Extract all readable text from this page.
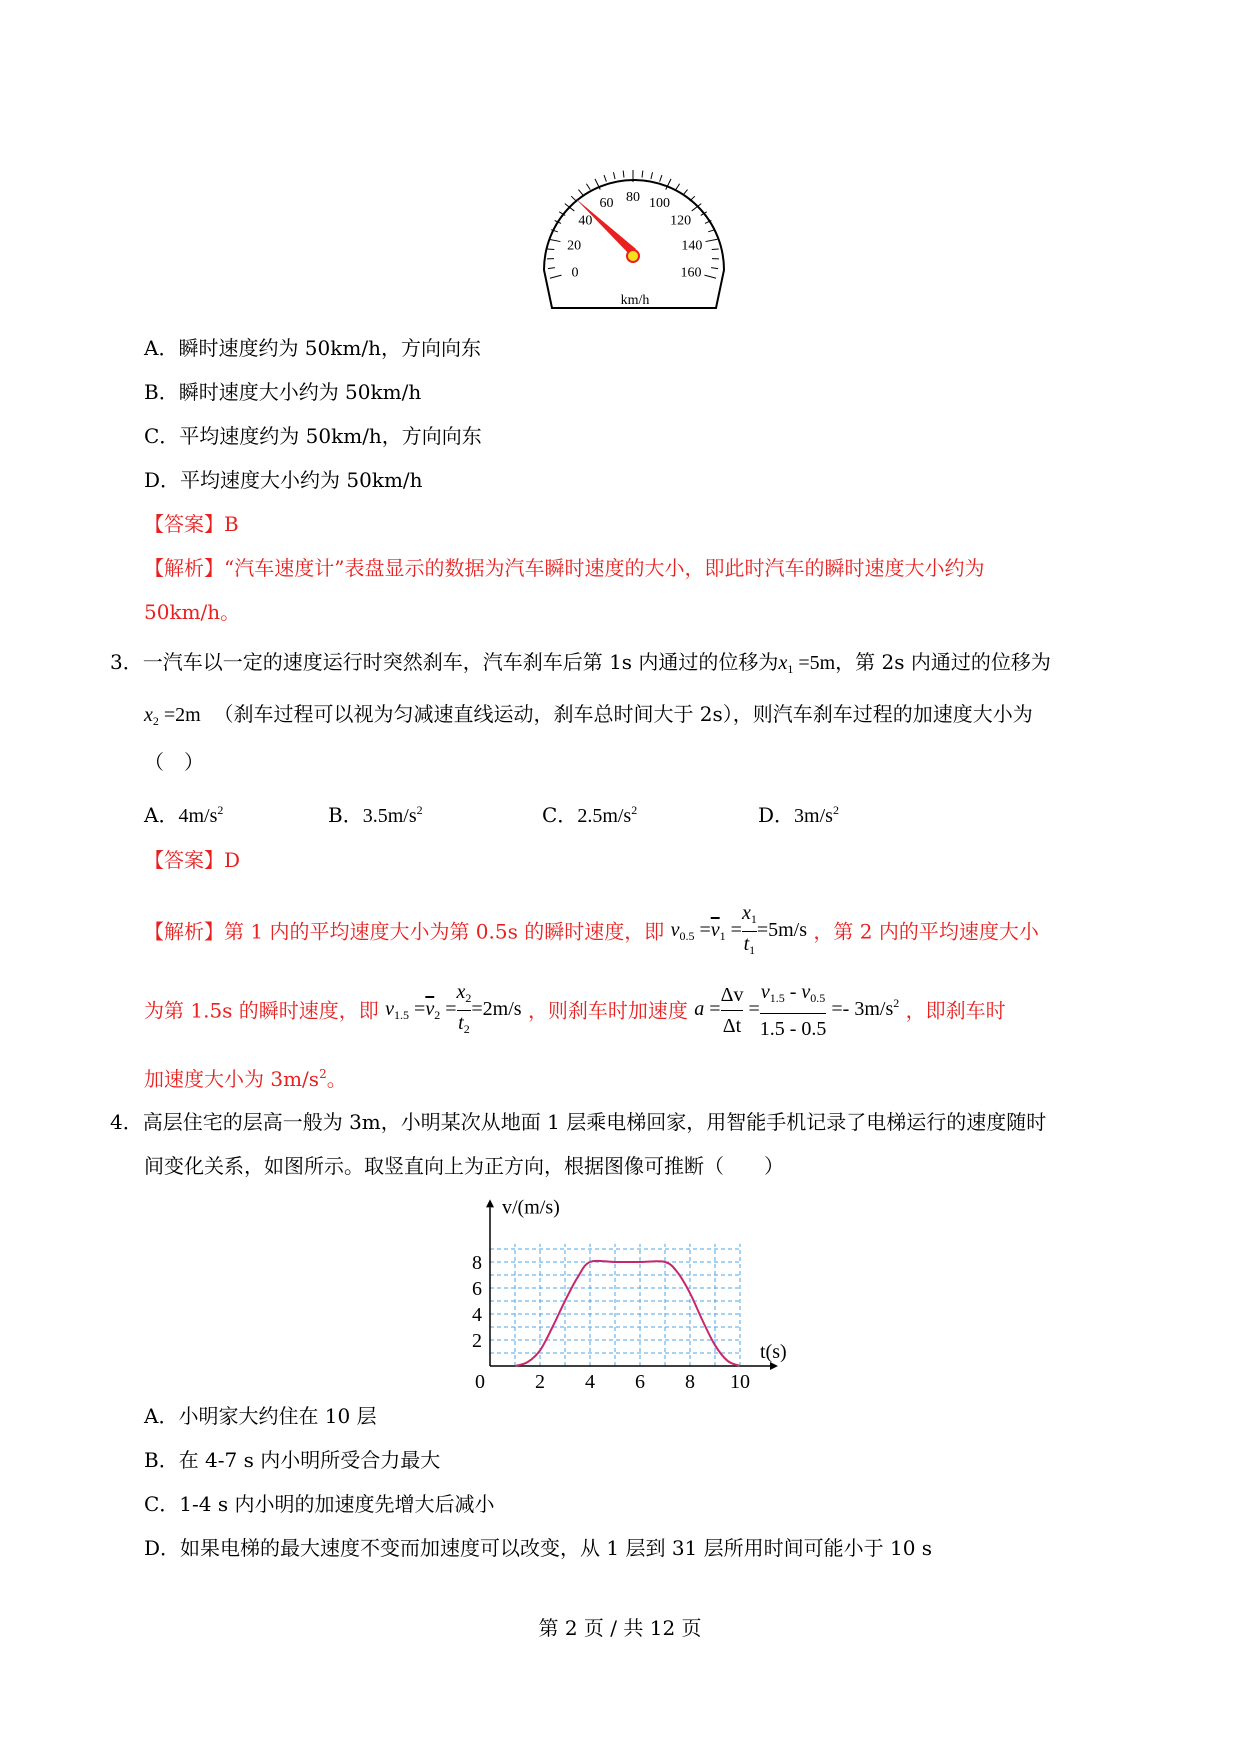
0
20
40
60 80 100
120
140
160
km/h
A．瞬时速度约为 50km/h，方向向东
B．瞬时速度大小约为 50km/h
C．平均速度约为 50km/h，方向向东
D．平均速度大小约为 50km/h
【答案】B
【解析】“汽车速度计”表盘显示的数据为汽车瞬时速度的大小，即此时汽车的瞬时速度大小约为
50km/h。
3．一汽车以一定的速度运行时突然刹车，汽车刹车后第 1s 内通过的位移为$x_1 =5m$，第 2s 内通过的位移为
$x_2 =2m$ （刹车过程可以视为匀减速直线运动，刹车总时间大于 2s），则汽车刹车过程的加速度大小为
（　）
A．$4m/s^2$	B．$3.5m/s^2$	C．$2.5m/s^2$	D．$3m/s^2$
【答案】D
【解析】第 1 内的平均速度大小为第 0.5s 的瞬时速度，即 $v_{0.5} =\overline{v}_1 = \frac{x_1}{t_1} =5m/s$ ，第 2 内的平均速度大小
为第 1.5s 的瞬时速度，即 $v_{1.5} =\overline{v}_2 = \frac{x_2}{t_2} =2m/s$ ，则刹车时加速度 $a = \frac{\Delta v}{\Delta t} = \frac{v_{1.5} - v_{0.5}}{1.5 - 0.5} =- 3m/s^2$ ，即刹车时
加速度大小为 $3m/s^2$。
4．高层住宅的层高一般为 3m，小明某次从地面 1 层乘电梯回家，用智能手机记录了电梯运行的速度随时
间变化关系，如图所示。取竖直向上为正方向，根据图像可推断（　　）
0	2 4 6 8 10
2
4
6
8
v/(m/s)
t(s)
A．小明家大约住在 10 层
B．在 4-7 s 内小明所受合力最大
C．1-4 s 内小明的加速度先增大后减小
D．如果电梯的最大速度不变而加速度可以改变，从 1 层到 31 层所用时间可能小于 10 s
第 2 页 / 共 12 页
